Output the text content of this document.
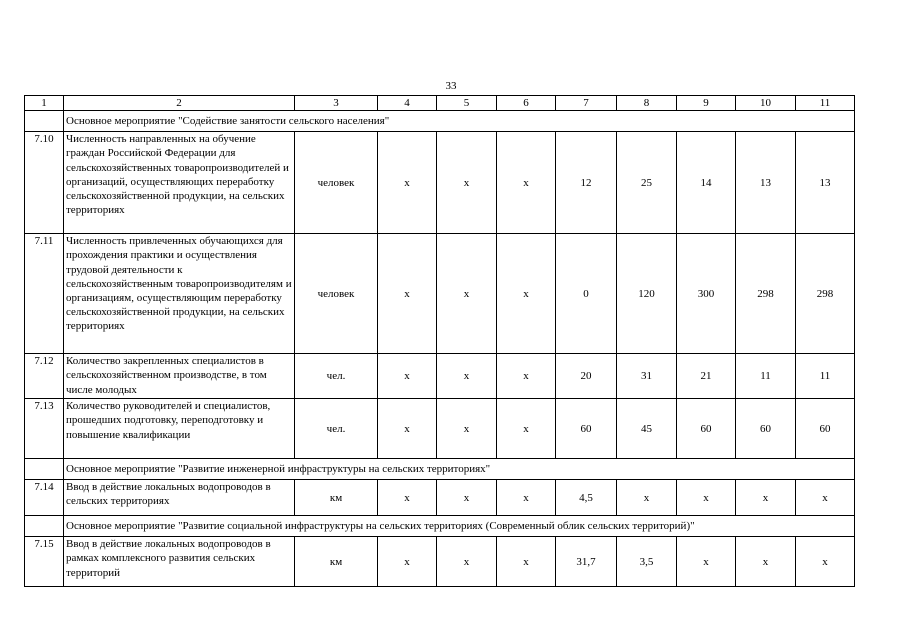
33
1	2	3	4	5	6	7	8	9	10	11
	Основное мероприятие "Содействие занятости сельского населения"									
7.10	Численность направленных на обучение граждан Российской Федерации для сельскохозяйственных товаропроизводителей и организаций, осуществляющих переработку сельскохозяйственной продукции, на сельских территориях	человек	х	х	х	12	25	14	13	13
7.11	Численность привлеченных обучающихся для прохождения практики и осуществления трудовой деятельности к сельскохозяйственным товаропроизводителям и организациям, осуществляющим переработку сельскохозяйственной продукции, на сельских территориях	человек	х	х	х	0	120	300	298	298
7.12	Количество закрепленных специалистов в сельскохозяйственном производстве, в том числе молодых	чел.	х	х	х	20	31	21	11	11
7.13	Количество руководителей и специалистов, прошедших подготовку, переподготовку и повышение квалификации	чел.	х	х	х	60	45	60	60	60
	Основное мероприятие "Развитие инженерной инфраструктуры на сельских территориях"									
7.14	Ввод в действие локальных водопроводов в сельских территориях	км	х	х	х	4,5	х	х	х	х
	Основное мероприятие "Развитие социальной инфраструктуры на сельских территориях (Современный облик сельских территорий)"									
7.15	Ввод в действие локальных водопроводов в рамках комплексного развития сельских территорий	км	х	х	х	31,7	3,5	х	х	х
